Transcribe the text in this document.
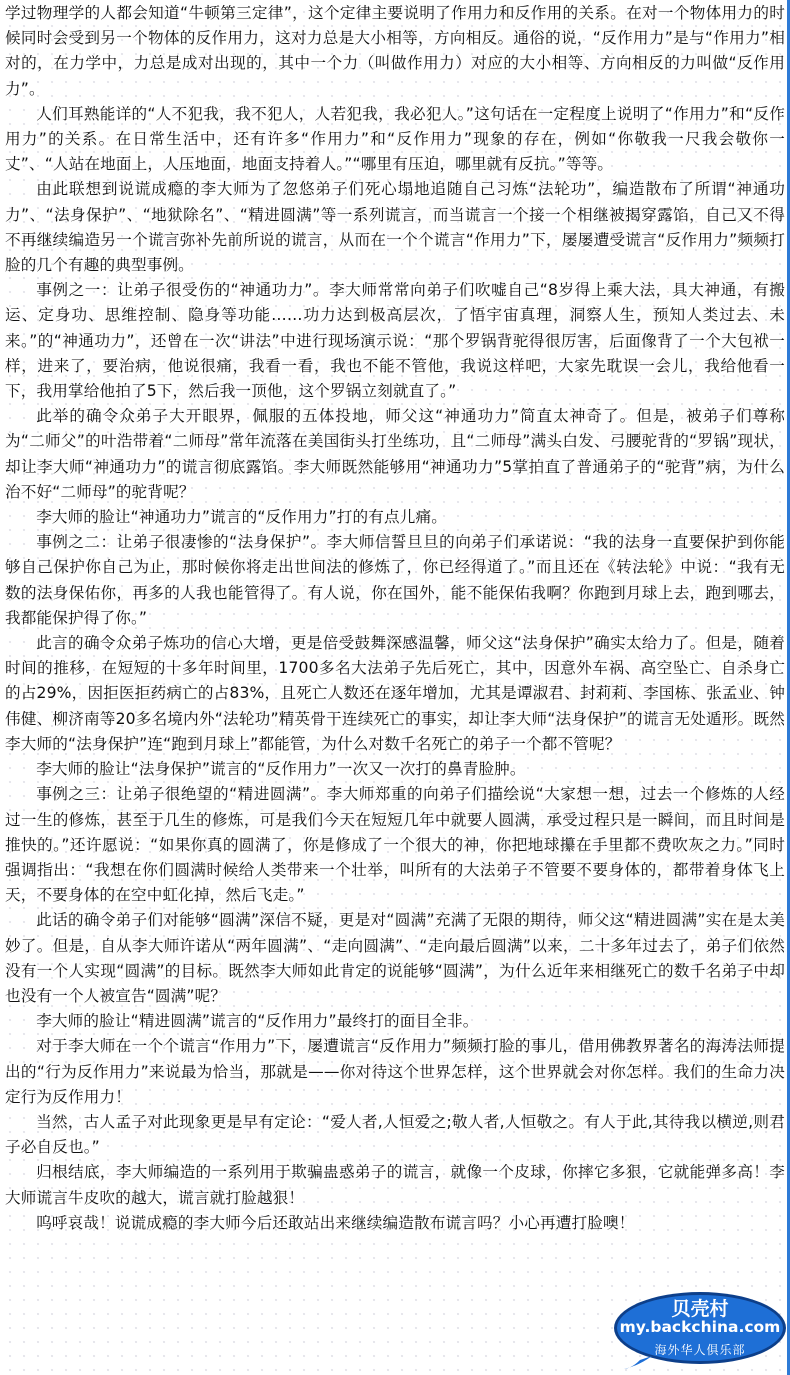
学过物理学的人都会知道“牛顿第三定律”，这个定律主要说明了作用力和反作用的关系。在对一个物体用力的时候同时会受到另一个物体的反作用力，这对力总是大小相等，方向相反。通俗的说，“反作用力”是与“作用力”相对的，在力学中，力总是成对出现的，其中一个力（叫做作用力）对应的大小相等、方向相反的力叫做“反作用力”。

人们耳熟能详的“人不犯我，我不犯人，人若犯我，我必犯人。”这句话在一定程度上说明了“作用力”和“反作用力”的关系。在日常生活中，还有许多“作用力”和“反作用力”现象的存在，例如“你敬我一尺我会敬你一丈”、“人站在地面上，人压地面，地面支持着人。”“哪里有压迫，哪里就有反抗。”等等。

由此联想到说谎成瘾的李大师为了忽悠弟子们死心塌地追随自己习炼“法轮功”，编造散布了所谓“神通功力”、“法身保护”、“地狱除名”、“精进圆满”等一系列谎言，而当谎言一个接一个相继被揭穿露馅，自己又不得不再继续编造另一个谎言弥补先前所说的谎言，从而在一个个谎言“作用力”下，屡屡遭受谎言“反作用力”频频打脸的几个有趣的典型事例。

事例之一：让弟子很受伤的“神通功力”。李大师常常向弟子们吹嘘自己“8岁得上乘大法，具大神通，有搬运、定身功、思维控制、隐身等功能……功力达到极高层次，了悟宇宙真理，洞察人生，预知人类过去、未来。”的“神通功力”，还曾在一次“讲法”中进行现场演示说：“那个罗锅背驼得很厉害，后面像背了一个大包袱一样，进来了，要治病，他说很痛，我看一看，我也不能不管他，我说这样吧，大家先耽误一会儿，我给他看一下，我用掌给他拍了5下，然后我一顶他，这个罗锅立刻就直了。”

此举的确令众弟子大开眼界，佩服的五体投地，师父这“神通功力”简直太神奇了。但是，被弟子们尊称为“二师父”的叶浩带着“二师母”常年流落在美国街头打坐练功，且“二师母”满头白发、弓腰驼背的“罗锅”现状，却让李大师“神通功力”的谎言彻底露馅。李大师既然能够用“神通功力”5掌拍直了普通弟子的“驼背”病，为什么治不好“二师母”的驼背呢？

李大师的脸让“神通功力”谎言的“反作用力”打的有点儿痛。

事例之二：让弟子很凄惨的“法身保护”。李大师信誓旦旦的向弟子们承诺说：“我的法身一直要保护到你能够自己保护你自己为止，那时候你将走出世间法的修炼了，你已经得道了。”而且还在《转法轮》中说：“我有无数的法身保佑你，再多的人我也能管得了。有人说，你在国外，能不能保佑我啊？你跑到月球上去，跑到哪去，我都能保护得了你。”

此言的确令众弟子炼功的信心大增，更是倍受鼓舞深感温馨，师父这“法身保护”确实太给力了。但是，随着时间的推移，在短短的十多年时间里，1700多名大法弟子先后死亡，其中，因意外车祸、高空坠亡、自杀身亡的占29%，因拒医拒药病亡的占83%，且死亡人数还在逐年增加，尤其是谭淑君、封莉莉、李国栋、张孟业、钟伟健、柳济南等20多名境内外“法轮功”精英骨干连续死亡的事实，却让李大师“法身保护”的谎言无处遁形。既然李大师的“法身保护”连“跑到月球上”都能管，为什么对数千名死亡的弟子一个都不管呢？

李大师的脸让“法身保护”谎言的“反作用力”一次又一次打的鼻青脸肿。

事例之三：让弟子很绝望的“精进圆满”。李大师郑重的向弟子们描绘说“大家想一想，过去一个修炼的人经过一生的修炼，甚至于几生的修炼，可是我们今天在短短几年中就要人圆满，承受过程只是一瞬间，而且时间是推快的。”还许愿说：“如果你真的圆满了，你是修成了一个很大的神，你把地球攥在手里都不费吹灰之力。”同时强调指出：“我想在你们圆满时候给人类带来一个壮举，叫所有的大法弟子不管要不要身体的，都带着身体飞上天，不要身体的在空中虹化掉，然后飞走。”

此话的确令弟子们对能够“圆满”深信不疑，更是对“圆满”充满了无限的期待，师父这“精进圆满”实在是太美妙了。但是，自从李大师许诺从“两年圆满”、“走向圆满”、“走向最后圆满”以来，二十多年过去了，弟子们依然没有一个人实现“圆满”的目标。既然李大师如此肯定的说能够“圆满”，为什么近年来相继死亡的数千名弟子中却也没有一个人被宣告“圆满”呢？

李大师的脸让“精进圆满”谎言的“反作用力”最终打的面目全非。

对于李大师在一个个谎言“作用力”下，屡遭谎言“反作用力”频频打脸的事儿，借用佛教界著名的海涛法师提出的“行为反作用力”来说最为恰当，那就是——你对待这个世界怎样，这个世界就会对你怎样。我们的生命力决定行为反作用力！

当然，古人孟子对此现象更是早有定论：“爱人者,人恒爱之;敬人者,人恒敬之。有人于此,其待我以横逆,则君子必自反也。”

归根结底，李大师编造的一系列用于欺骗蛊惑弟子的谎言，就像一个皮球，你摔它多狠，它就能弹多高！李大师谎言牛皮吹的越大，谎言就打脸越狠！

呜呼哀哉！说谎成瘾的李大师今后还敢站出来继续编造散布谎言吗？小心再遭打脸噢！

贝壳村
my.backchina.com
海外华人俱乐部
